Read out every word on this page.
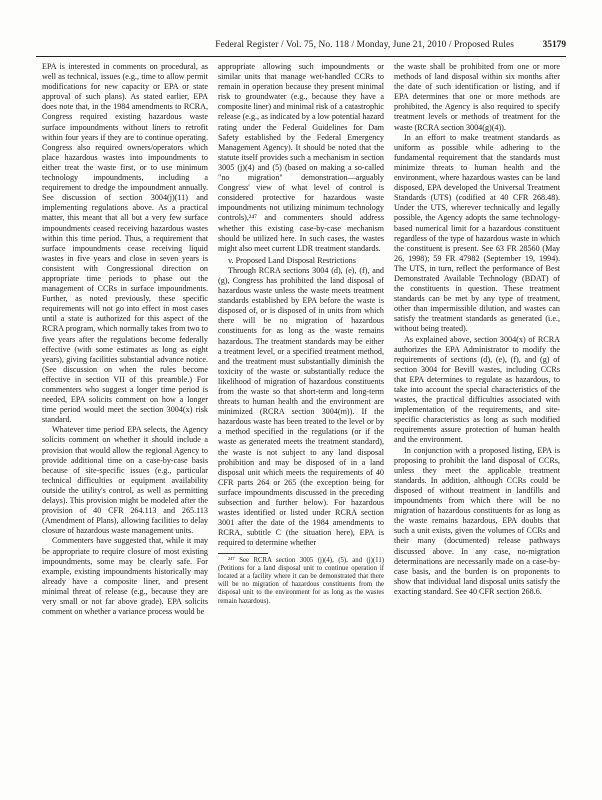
Federal Register / Vol. 75, No. 118 / Monday, June 21, 2010 / Proposed Rules	35179

EPA is interested in comments on procedural, as well as technical, issues (e.g., time to allow permit modifications for new capacity or EPA or state approval of such plans). As stated earlier, EPA does note that, in the 1984 amendments to RCRA, Congress required existing hazardous waste surface impoundments without liners to retrofit within four years if they are to continue operating. Congress also required owners/operators which place hazardous wastes into impoundments to either treat the waste first, or to use minimum technology impoundments, including a requirement to dredge the impoundment annually. See discussion of section 3004(j)(11) and implementing regulations above. As a practical matter, this meant that all but a very few surface impoundments ceased receiving hazardous wastes within this time period. Thus, a requirement that surface impoundments cease receiving liquid wastes in five years and close in seven years is consistent with Congressional direction on appropriate time periods to phase out the management of CCRs in surface impoundments. Further, as noted previously, these specific requirements will not go into effect in most cases until a state is authorized for this aspect of the RCRA program, which normally takes from two to five years after the regulations become federally effective (with some estimates as long as eight years), giving facilities substantial advance notice. (See discussion on when the rules become effective in section VII of this preamble.) For commenters who suggest a longer time period is needed, EPA solicits comment on how a longer time period would meet the section 3004(x) risk standard.

Whatever time period EPA selects, the Agency solicits comment on whether it should include a provision that would allow the regional Agency to provide additional time on a case-by-case basis because of site-specific issues (e.g., particular technical difficulties or equipment availability outside the utility's control, as well as permitting delays). This provision might be modeled after the provision of 40 CFR 264.113 and 265.113 (Amendment of Plans), allowing facilities to delay closure of hazardous waste management units.

Commenters have suggested that, while it may be appropriate to require closure of most existing impoundments, some may be clearly safe. For example, existing impoundments historically may already have a composite liner, and present minimal threat of release (e.g., because they are very small or not far above grade). EPA solicits comment on whether a variance process would be

appropriate allowing such impoundments or similar units that manage wet-handled CCRs to remain in operation because they present minimal risk to groundwater (e.g., because they have a composite liner) and minimal risk of a catastrophic release (e.g., as indicated by a low potential hazard rating under the Federal Guidelines for Dam Safety established by the Federal Emergency Management Agency). It should be noted that the statute itself provides such a mechanism in section 3005 (j)(4) and (5) (based on making a so-called "no migration" demonstration—arguably Congress' view of what level of control is considered protective for hazardous waste impoundments not utilizing minimum technology controls),²⁴⁷ and commenters should address whether this existing case-by-case mechanism should be utilized here. In such cases, the wastes might also meet current LDR treatment standards.

v. Proposed Land Disposal Restrictions

Through RCRA sections 3004 (d), (e), (f), and (g), Congress has prohibited the land disposal of hazardous waste unless the waste meets treatment standards established by EPA before the waste is disposed of, or is disposed of in units from which there will be no migration of hazardous constituents for as long as the waste remains hazardous. The treatment standards may be either a treatment level, or a specified treatment method, and the treatment must substantially diminish the toxicity of the waste or substantially reduce the likelihood of migration of hazardous constituents from the waste so that short-term and long-term threats to human health and the environment are minimized (RCRA section 3004(m)). If the hazardous waste has been treated to the level or by a method specified in the regulations (or if the waste as generated meets the treatment standard), the waste is not subject to any land disposal prohibition and may be disposed of in a land disposal unit which meets the requirements of 40 CFR parts 264 or 265 (the exception being for surface impoundments discussed in the preceding subsection and further below). For hazardous wastes identified or listed under RCRA section 3001 after the date of the 1984 amendments to RCRA, subtitle C (the situation here), EPA is required to determine whether

²⁴⁷ See RCRA section 3005 (j)(4), (5), and (j)(11) (Petitions for a land disposal unit to continue operation if located at a facility where it can be demonstrated that there will be no migration of hazardous constituents from the disposal unit to the environment for as long as the wastes remain hazardous).

the waste shall be prohibited from one or more methods of land disposal within six months after the date of such identification or listing, and if EPA determines that one or more methods are prohibited, the Agency is also required to specify treatment levels or methods of treatment for the waste (RCRA section 3004(g)(4)).

In an effort to make treatment standards as uniform as possible while adhering to the fundamental requirement that the standards must minimize threats to human health and the environment, where hazardous wastes can be land disposed, EPA developed the Universal Treatment Standards (UTS) (codified at 40 CFR 268.48). Under the UTS, wherever technically and legally possible, the Agency adopts the same technology-based numerical limit for a hazardous constituent regardless of the type of hazardous waste in which the constituent is present. See 63 FR 28560 (May 26, 1998); 59 FR 47982 (September 19, 1994). The UTS, in turn, reflect the performance of Best Demonstrated Available Technology (BDAT) of the constituents in question. These treatment standards can be met by any type of treatment, other than impermissible dilution, and wastes can satisfy the treatment standards as generated (i.e., without being treated).

As explained above, section 3004(x) of RCRA authorizes the EPA Administrator to modify the requirements of sections (d), (e), (f), and (g) of section 3004 for Bevill wastes, including CCRs that EPA determines to regulate as hazardous, to take into account the special characteristics of the wastes, the practical difficulties associated with implementation of the requirements, and site-specific characteristics as long as such modified requirements assure protection of human health and the environment.

In conjunction with a proposed listing, EPA is proposing to prohibit the land disposal of CCRs, unless they meet the applicable treatment standards. In addition, although CCRs could be disposed of without treatment in landfills and impoundments from which there will be no migration of hazardous constituents for as long as the waste remains hazardous, EPA doubts that such a unit exists, given the volumes of CCRs and their many (documented) release pathways discussed above. In any case, no-migration determinations are necessarily made on a case-by-case basis, and the burden is on proponents to show that individual land disposal units satisfy the exacting standard. See 40 CFR section 268.6.
